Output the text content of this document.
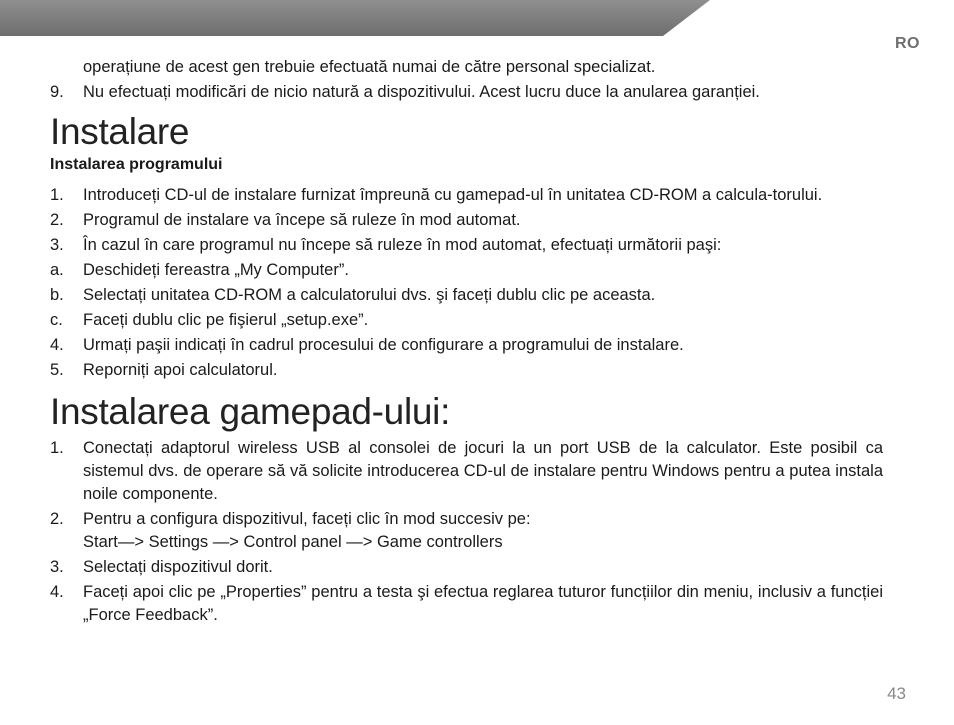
RO
operațiune de acest gen trebuie efectuată numai de către personal specializat.
9. Nu efectuați modificări de nicio natură a dispozitivului. Acest lucru duce la anularea garanției.
Instalare
Instalarea programului
1. Introduceți CD-ul de instalare furnizat împreună cu gamepad-ul în unitatea CD-ROM a calcula-torului.
2. Programul de instalare va începe să ruleze în mod automat.
3. În cazul în care programul nu începe să ruleze în mod automat, efectuați următorii paşi:
a. Deschideți fereastra „My Computer”.
b. Selectați unitatea CD-ROM a calculatorului dvs. şi faceți dublu clic pe aceasta.
c. Faceți dublu clic pe fişierul „setup.exe”.
4. Urmați paşii indicați în cadrul procesului de configurare a programului de instalare.
5. Reporniți apoi calculatorul.
Instalarea gamepad-ului:
1. Conectați adaptorul wireless USB al consolei de jocuri la un port USB de la calculator. Este posibil ca sistemul dvs. de operare să vă solicite introducerea CD-ul de instalare pentru Windows pentru a putea instala noile componente.
2. Pentru a configura dispozitivul, faceți clic în mod succesiv pe:
Start—> Settings —> Control panel —> Game controllers
3. Selectați dispozitivul dorit.
4. Faceți apoi clic pe „Properties” pentru a testa şi efectua reglarea tuturor funcțiilor din meniu, inclusiv a funcției „Force Feedback”.
43
